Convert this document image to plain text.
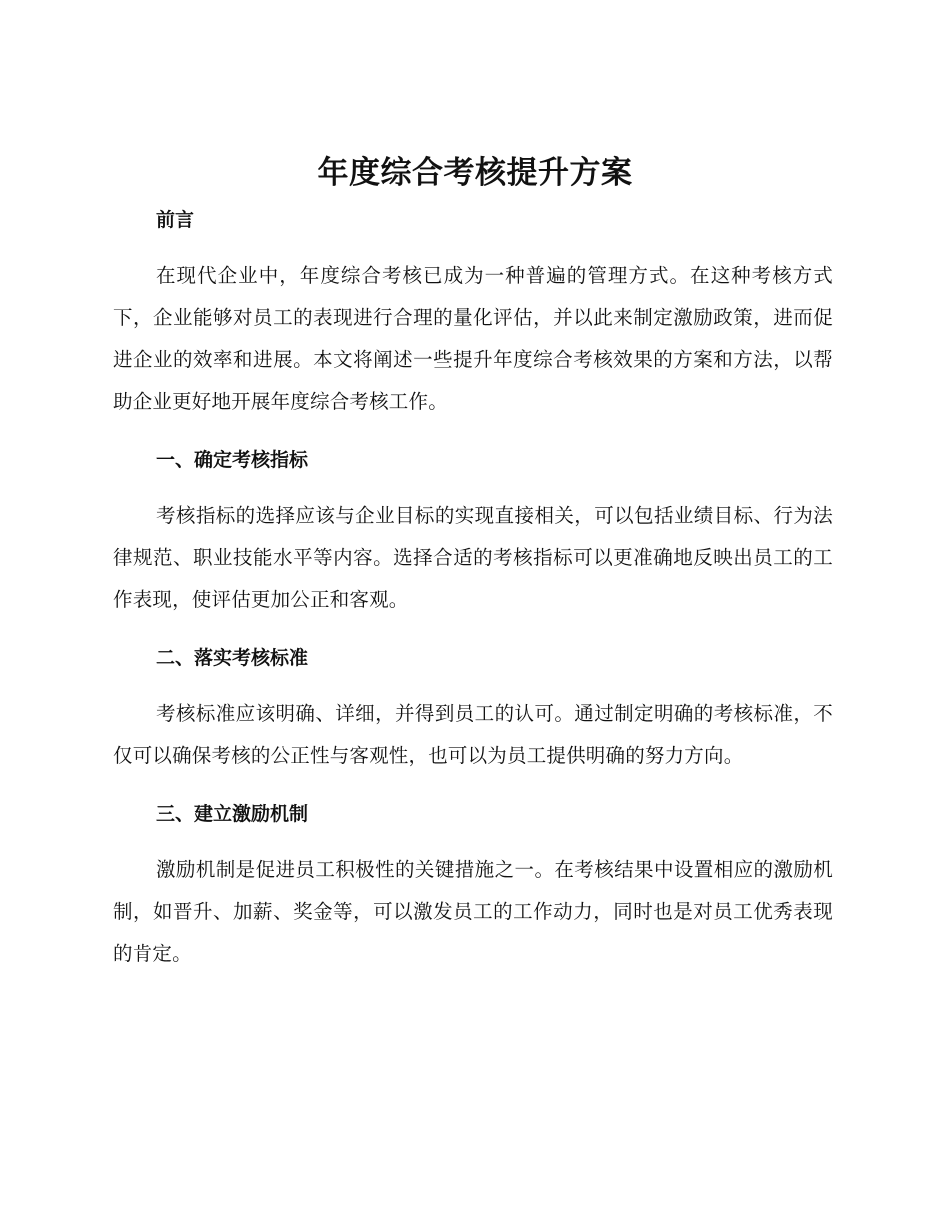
年度综合考核提升方案
前言

在现代企业中，年度综合考核已成为一种普遍的管理方式。在这种考核方式下，企业能够对员工的表现进行合理的量化评估，并以此来制定激励政策，进而促进企业的效率和进展。本文将阐述一些提升年度综合考核效果的方案和方法，以帮助企业更好地开展年度综合考核工作。

一、确定考核指标

考核指标的选择应该与企业目标的实现直接相关，可以包括业绩目标、行为法律规范、职业技能水平等内容。选择合适的考核指标可以更准确地反映出员工的工作表现，使评估更加公正和客观。

二、落实考核标准

考核标准应该明确、详细，并得到员工的认可。通过制定明确的考核标准，不仅可以确保考核的公正性与客观性，也可以为员工提供明确的努力方向。

三、建立激励机制

激励机制是促进员工积极性的关键措施之一。在考核结果中设置相应的激励机制，如晋升、加薪、奖金等，可以激发员工的工作动力，同时也是对员工优秀表现的肯定。
